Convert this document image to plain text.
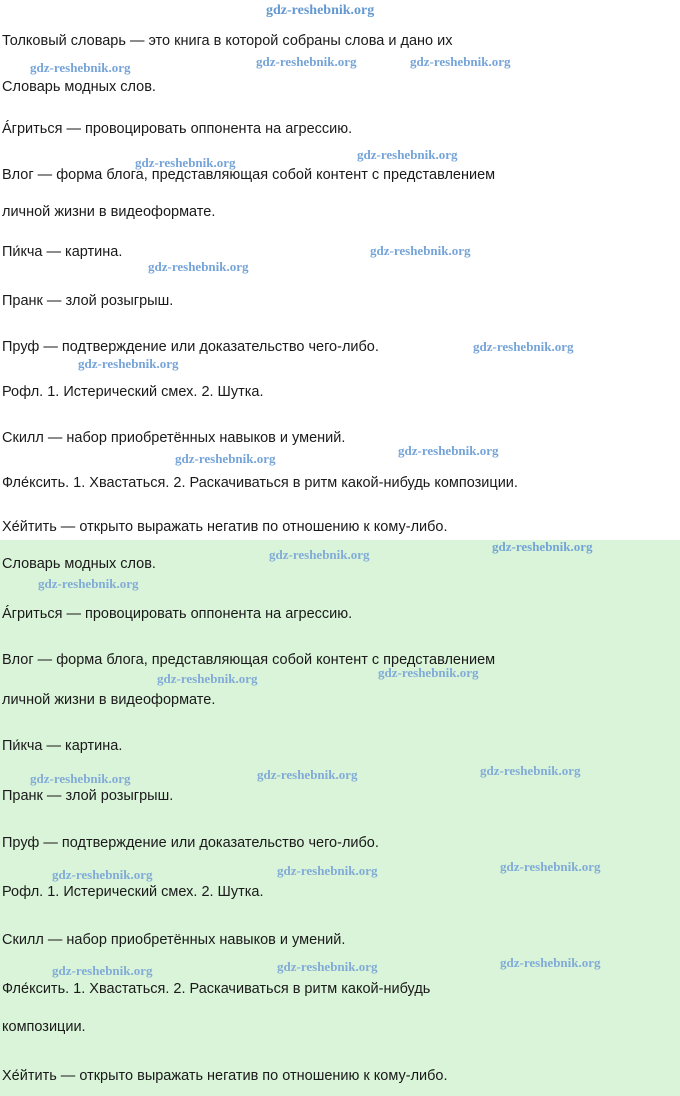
Толковый словарь — это книга в которой собраны слова и дано их
Словарь модных слов.
Áгриться — провоцировать оппонента на агрессию.
Влог — форма блога, представляющая собой контент с представлением
личной жизни в видеоформате.
Пи́кча — картина.
Пранк — злой розыгрыш.
Пруф — подтверждение или доказательство чего-либо.
Рофл. 1. Истерический смех. 2. Шутка.
Скилл — набор приобретённых навыков и умений.
Фле́ксить. 1. Хвастаться. 2. Раскачиваться в ритм какой-нибудь композиции.
Хе́йтить — открыто выражать негатив по отношению к кому-либо.
Словарь модных слов.
Áгриться — провоцировать оппонента на агрессию.
Влог — форма блога, представляющая собой контент с представлением
личной жизни в видеоформате.
Пи́кча — картина.
Пранк — злой розыгрыш.
Пруф — подтверждение или доказательство чего-либо.
Рофл. 1. Истерический смех. 2. Шутка.
Скилл — набор приобретённых навыков и умений.
Фле́ксить. 1. Хвастаться. 2. Раскачиваться в ритм какой-нибудь
композиции.
Хе́йтить — открыто выражать негатив по отношению к кому-либо.
gdz-reshebnik.org
gdz-reshebnik.org	gdz-reshebnik.org	gdz-reshebnik.org
gdz-reshebnik.org
gdz-reshebnik.org
gdz-reshebnik.org
gdz-reshebnik.org
gdz-reshebnik.org
gdz-reshebnik.org
gdz-reshebnik.org
gdz-reshebnik.org
gdz-reshebnik.org
gdz-reshebnik.org
gdz-reshebnik.org
gdz-reshebnik.org	gdz-reshebnik.org
gdz-reshebnik.org	gdz-reshebnik.org	gdz-reshebnik.org
gdz-reshebnik.org	gdz-reshebnik.org	gdz-reshebnik.org
gdz-reshebnik.org	gdz-reshebnik.org	gdz-reshebnik.org
